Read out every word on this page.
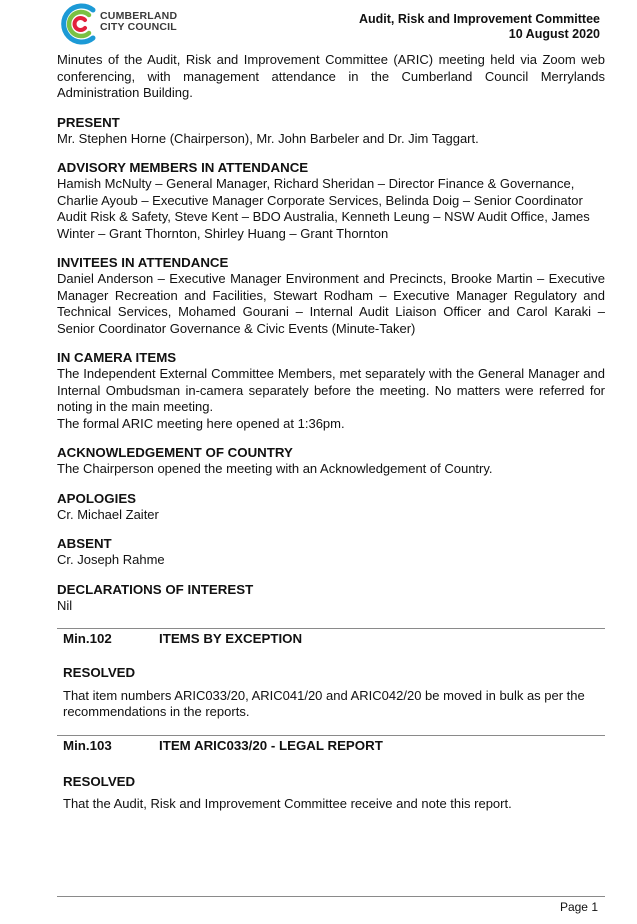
CUMBERLAND
CITY COUNCIL
Audit, Risk and Improvement Committee
10 August 2020

Minutes of the Audit, Risk and Improvement Committee (ARIC) meeting held via Zoom web conferencing, with management attendance in the Cumberland Council Merrylands Administration Building.

PRESENT

Mr. Stephen Horne (Chairperson), Mr. John Barbeler and Dr. Jim Taggart.

ADVISORY MEMBERS IN ATTENDANCE

Hamish McNulty – General Manager, Richard Sheridan – Director Finance & Governance, Charlie Ayoub – Executive Manager Corporate Services, Belinda Doig – Senior Coordinator Audit Risk & Safety, Steve Kent – BDO Australia, Kenneth Leung – NSW Audit Office, James Winter – Grant Thornton, Shirley Huang – Grant Thornton

INVITEES IN ATTENDANCE

Daniel Anderson – Executive Manager Environment and Precincts, Brooke Martin – Executive Manager Recreation and Facilities, Stewart Rodham – Executive Manager Regulatory and Technical Services, Mohamed Gourani – Internal Audit Liaison Officer and Carol Karaki – Senior Coordinator Governance & Civic Events (Minute-Taker)

IN CAMERA ITEMS

The Independent External Committee Members, met separately with the General Manager and Internal Ombudsman in-camera separately before the meeting. No matters were referred for noting in the main meeting.

The formal ARIC meeting here opened at 1:36pm.

ACKNOWLEDGEMENT OF COUNTRY

The Chairperson opened the meeting with an Acknowledgement of Country.

APOLOGIES

Cr. Michael Zaiter

ABSENT

Cr. Joseph Rahme

DECLARATIONS OF INTEREST

Nil

Min.102	ITEMS BY EXCEPTION
RESOLVED

That item numbers ARIC033/20, ARIC041/20 and ARIC042/20 be moved in bulk as per the recommendations in the reports.

Min.103	ITEM ARIC033/20 - LEGAL REPORT
RESOLVED

That the Audit, Risk and Improvement Committee receive and note this report.

Page 1
